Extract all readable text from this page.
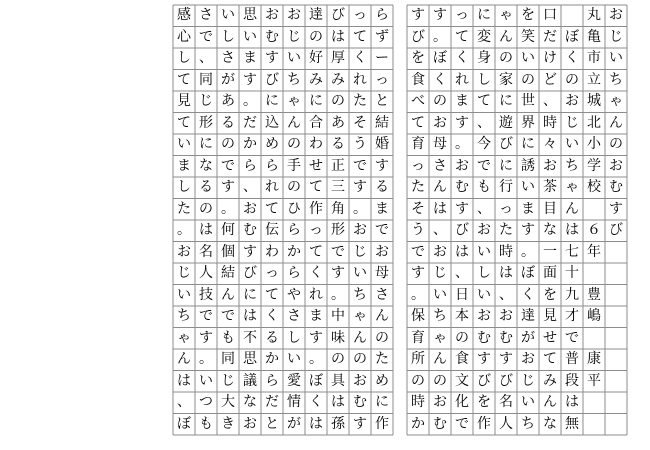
お
じ
い
ち
ゃ
ん
の
お
む
す
び
丸
亀
市
立
城
北
小
学
校
６
年
豊
嶋
康
平
ぼ
く
の
お
じ
い
ち
ゃ
ん
は
七
十
九
才
で
普
段
は
無
口
だ
け
ど
、
時
々
お
茶
目
な
一
面
を
見
せ
て
み
ん
な
を
笑
い
の
世
界
に
誘
い
ま
す
。
ぼ
く
達
が
お
じ
い
ち
ゃ
ん
の
家
に
遊
び
に
行
っ
た
時
は
、
お
む
す
び
名
人
に
変
身
し
て
、
今
で
も
、
お
い
し
い
お
む
す
び
を
作
っ
て
く
れ
ま
す
。
お
む
す
び
は
、
日
本
の
食
文
化
で
す
。
ぼ
く
の
お
母
さ
ん
は
、
お
じ
い
ち
ゃ
ん
の
お
む
す
び
を
食
べ
て
育
っ
た
そ
う
で
す
。
保
育
所
の
時
か
ら
ず
ー
っ
と
結
婚
す
る
ま
で
お
母
さ
ん
の
た
め
に
作
っ
て
く
れ
た
そ
う
で
す
。
お
じ
い
ち
ゃ
ん
の
お
む
す
び
は
厚
み
の
あ
る
正
三
角
形
で
す
。
中
味
の
具
は
孫
達
の
好
み
に
合
わ
せ
て
作
っ
て
く
れ
ま
す
。
ぼ
く
は
お
じ
い
ち
ゃ
ん
の
手
の
ひ
ら
か
ら
や
さ
し
い
愛
情
が
お
む
す
び
に
込
め
ら
れ
て
伝
わ
っ
て
く
る
か
ら
だ
と
思
い
ま
す
。
だ
か
ら
、
お
む
す
び
に
は
不
思
議
な
お
い
し
さ
が
あ
る
の
で
す
。
何
個
結
ん
で
も
同
じ
大
き
さ
で
、
同
じ
形
に
な
る
の
は
名
人
技
で
す
。
い
つ
も
感
心
し
て
見
て
い
ま
し
た
。
お
じ
い
ち
ゃ
ん
は
、
ぼ
